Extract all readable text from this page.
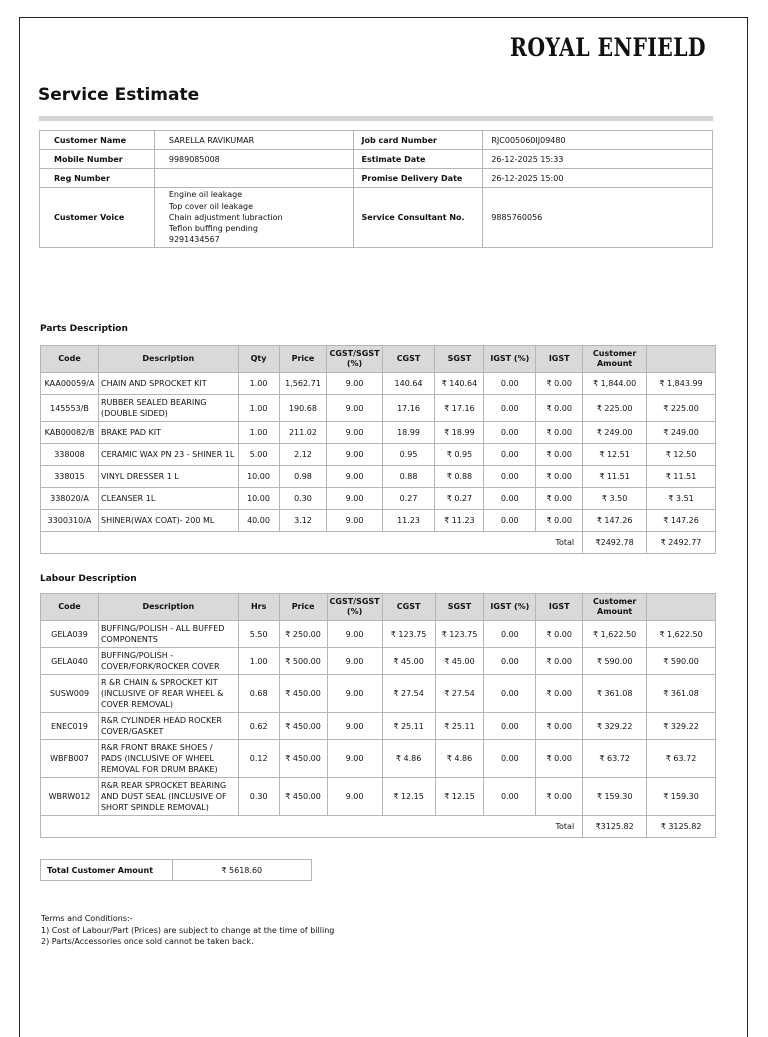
ROYAL ENFIELD
Service Estimate
Customer Name	SARELLA RAVIKUMAR	Job card Number	RJC005060IJ09480
Mobile Number	9989085008	Estimate Date	26-12-2025 15:33
Reg Number		Promise Delivery Date	26-12-2025 15:00
Customer Voice	Engine oil leakage
Top cover oil leakage
Chain adjustment lubraction
Teflon buffing pending
9291434567	Service Consultant No.	9885760056
Parts Description
Code	Description	Qty	Price	CGST/SGST (%)	CGST	SGST	IGST (%)	IGST	Customer Amount	
KAA00059/A	CHAIN AND SPROCKET KIT	1.00	1,562.71	9.00	140.64	₹ 140.64	0.00	₹ 0.00	₹ 1,844.00	₹ 1,843.99
145553/B	RUBBER SEALED BEARING (DOUBLE SIDED)	1.00	190.68	9.00	17.16	₹ 17.16	0.00	₹ 0.00	₹ 225.00	₹ 225.00
KAB00082/B	BRAKE PAD KIT	1.00	211.02	9.00	18.99	₹ 18.99	0.00	₹ 0.00	₹ 249.00	₹ 249.00
338008	CERAMIC WAX PN 23 - SHINER 1L	5.00	2.12	9.00	0.95	₹ 0.95	0.00	₹ 0.00	₹ 12.51	₹ 12.50
338015	VINYL DRESSER 1 L	10.00	0.98	9.00	0.88	₹ 0.88	0.00	₹ 0.00	₹ 11.51	₹ 11.51
338020/A	CLEANSER 1L	10.00	0.30	9.00	0.27	₹ 0.27	0.00	₹ 0.00	₹ 3.50	₹ 3.51
3300310/A	SHINER(WAX COAT)- 200 ML	40.00	3.12	9.00	11.23	₹ 11.23	0.00	₹ 0.00	₹ 147.26	₹ 147.26
Total									₹2492.78	₹ 2492.77
Labour Description
Code	Description	Hrs	Price	CGST/SGST (%)	CGST	SGST	IGST (%)	IGST	Customer Amount	
GELA039	BUFFING/POLISH - ALL BUFFED COMPONENTS	5.50	₹ 250.00	9.00	₹ 123.75	₹ 123.75	0.00	₹ 0.00	₹ 1,622.50	₹ 1,622.50
GELA040	BUFFING/POLISH - COVER/FORK/ROCKER COVER	1.00	₹ 500.00	9.00	₹ 45.00	₹ 45.00	0.00	₹ 0.00	₹ 590.00	₹ 590.00
SUSW009	R &R CHAIN & SPROCKET KIT (INCLUSIVE OF REAR WHEEL & COVER REMOVAL)	0.68	₹ 450.00	9.00	₹ 27.54	₹ 27.54	0.00	₹ 0.00	₹ 361.08	₹ 361.08
ENEC019	R&R CYLINDER HEAD ROCKER COVER/GASKET	0.62	₹ 450.00	9.00	₹ 25.11	₹ 25.11	0.00	₹ 0.00	₹ 329.22	₹ 329.22
WBFB007	R&R FRONT BRAKE SHOES / PADS (INCLUSIVE OF WHEEL REMOVAL FOR DRUM BRAKE)	0.12	₹ 450.00	9.00	₹ 4.86	₹ 4.86	0.00	₹ 0.00	₹ 63.72	₹ 63.72
WBRW012	R&R REAR SPROCKET BEARING AND DUST SEAL (INCLUSIVE OF SHORT SPINDLE REMOVAL)	0.30	₹ 450.00	9.00	₹ 12.15	₹ 12.15	0.00	₹ 0.00	₹ 159.30	₹ 159.30
Total									₹3125.82	₹ 3125.82
Total Customer Amount	₹ 5618.60
Terms and Conditions:-
1) Cost of Labour/Part (Prices) are subject to change at the time of billing
2) Parts/Accessories once sold cannot be taken back.
